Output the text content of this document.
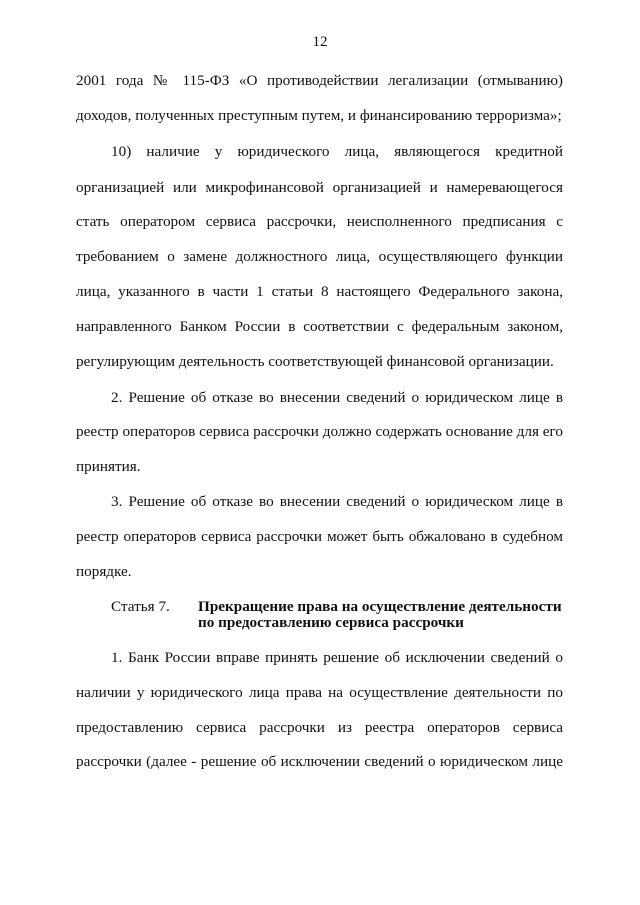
12
2001 года № 115-ФЗ «О противодействии легализации (отмыванию)
доходов, полученных преступным путем, и финансированию терроризма»;
10) наличие у юридического лица, являющегося кредитной
организацией или микрофинансовой организацией и намеревающегося
стать оператором сервиса рассрочки, неисполненного предписания с
требованием о замене должностного лица, осуществляющего функции
лица, указанного в части 1 статьи 8 настоящего Федерального закона,
направленного Банком России в соответствии с федеральным законом,
регулирующим деятельность соответствующей финансовой организации.
2. Решение об отказе во внесении сведений о юридическом лице в
реестр операторов сервиса рассрочки должно содержать основание для его
принятия.
3. Решение об отказе во внесении сведений о юридическом лице в
реестр операторов сервиса рассрочки может быть обжаловано в судебном
порядке.
Статья 7. Прекращение права на осуществление деятельности
по предоставлению сервиса рассрочки
1. Банк России вправе принять решение об исключении сведений о
наличии у юридического лица права на осуществление деятельности по
предоставлению сервиса рассрочки из реестра операторов сервиса
рассрочки (далее - решение об исключении сведений о юридическом лице
